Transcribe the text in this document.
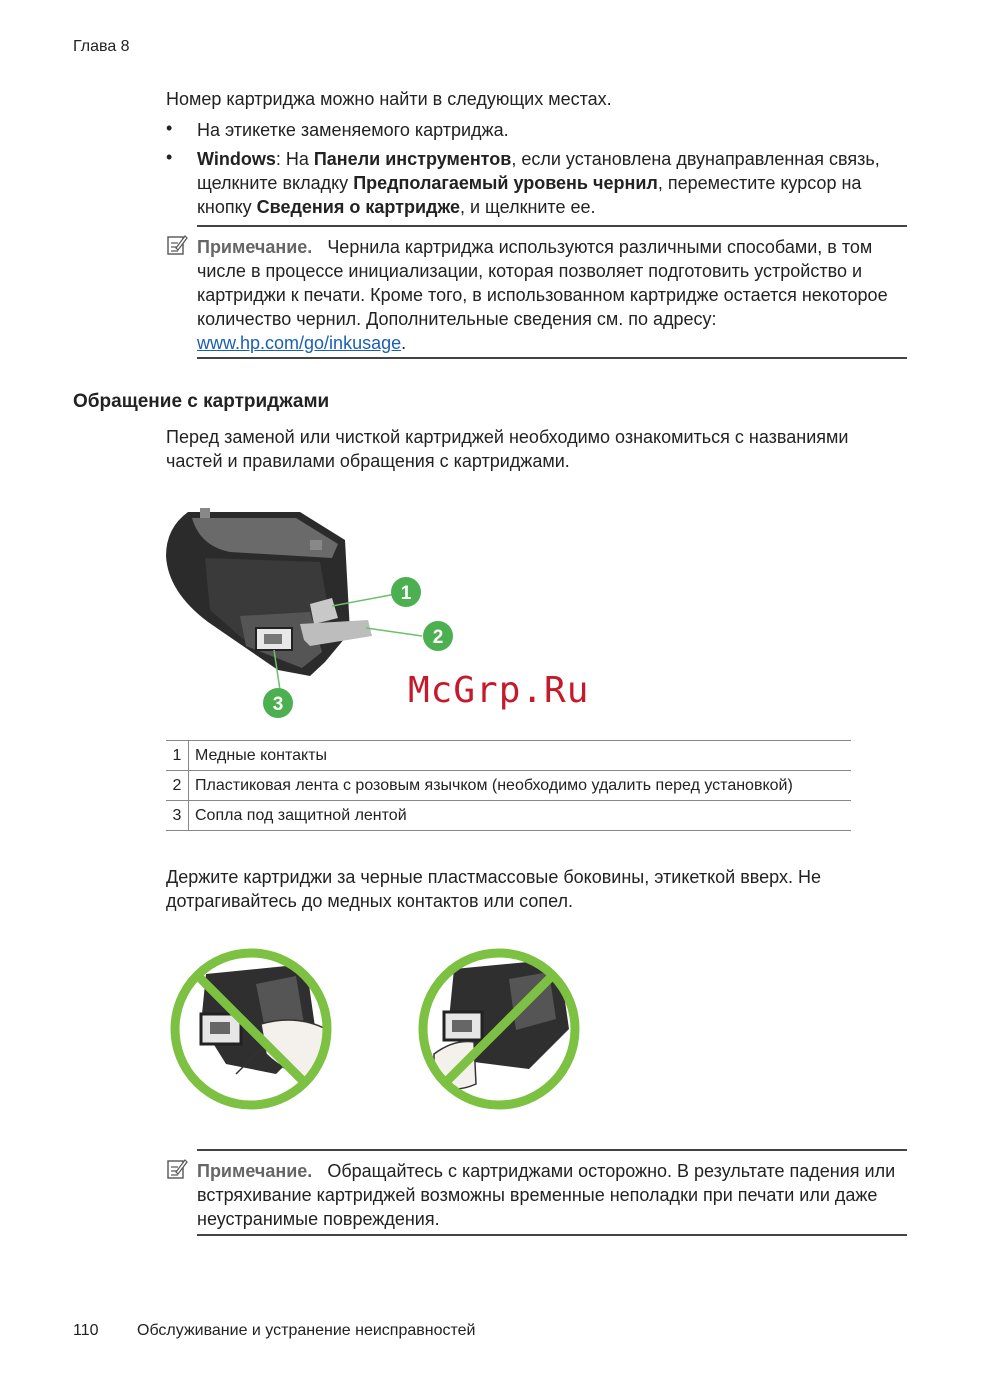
Глава 8
Номер картриджа можно найти в следующих местах.
• На этикетке заменяемого картриджа.
• Windows: На Панели инструментов, если установлена двунаправленная связь, щелкните вкладку Предполагаемый уровень чернил, переместите курсор на кнопку Сведения о картридже, и щелкните ее.
Примечание. Чернила картриджа используются различными способами, в том числе в процессе инициализации, которая позволяет подготовить устройство и картриджи к печати. Кроме того, в использованном картридже остается некоторое количество чернил. Дополнительные сведения см. по адресу: www.hp.com/go/inkusage.
Обращение с картриджами
Перед заменой или чисткой картриджей необходимо ознакомиться с названиями частей и правилами обращения с картриджами.
1
2
3	McGrp.Ru
1	Медные контакты
2	Пластиковая лента с розовым язычком (необходимо удалить перед установкой)
3	Сопла под защитной лентой
Держите картриджи за черные пластмассовые боковины, этикеткой вверх. Не дотрагивайтесь до медных контактов или сопел.
Примечание. Обращайтесь с картриджами осторожно. В результате падения или встряхивание картриджей возможны временные неполадки при печати или даже неустранимые повреждения.
110 Обслуживание и устранение неисправностей
